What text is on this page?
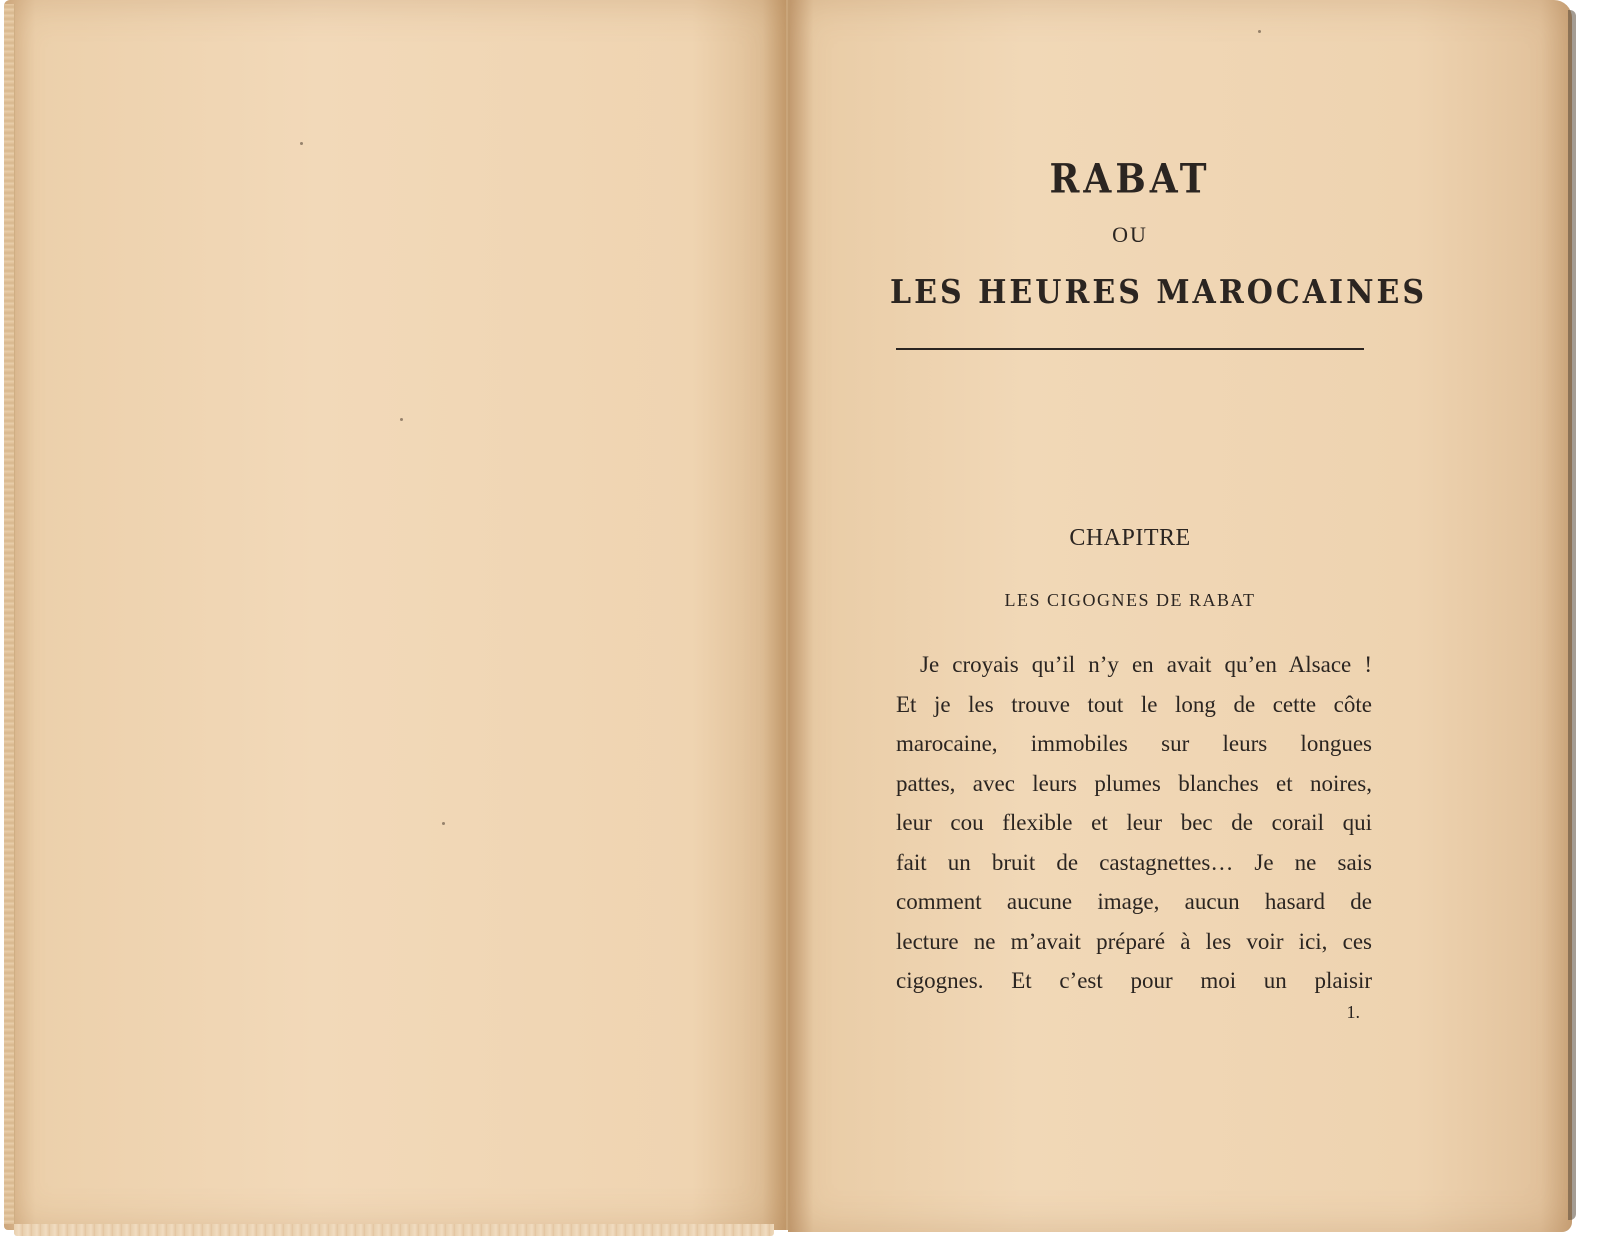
RABAT
OU
LES HEURES MAROCAINES
CHAPITRE
LES CIGOGNES DE RABAT
Je croyais qu’il n’y en avait qu’en Alsace !
Et je les trouve tout le long de cette côte
marocaine, immobiles sur leurs longues
pattes, avec leurs plumes blanches et noires,
leur cou flexible et leur bec de corail qui
fait un bruit de castagnettes… Je ne sais
comment aucune image, aucun hasard de
lecture ne m’avait préparé à les voir ici, ces
cigognes. Et c’est pour moi un plaisir
1.
